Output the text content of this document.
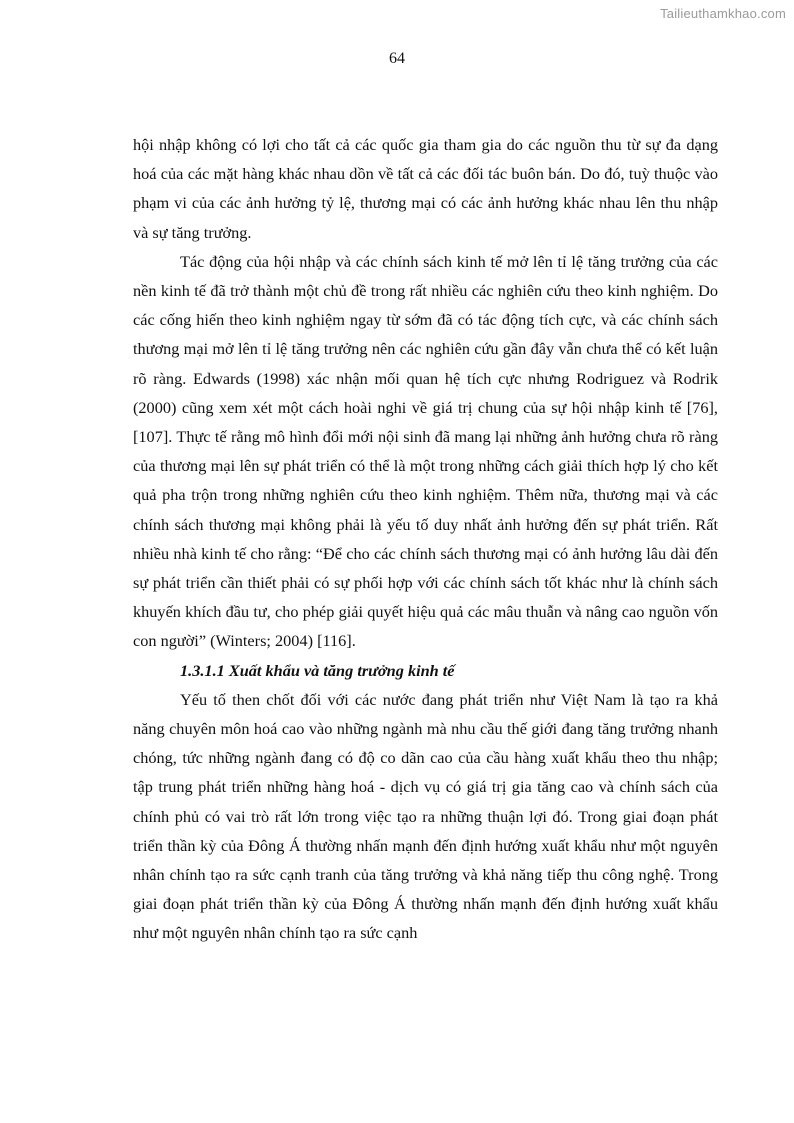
Tailieuthamkhao.com
64

hội nhập không có lợi cho tất cả các quốc gia tham gia do các nguồn thu từ sự đa dạng hoá của các mặt hàng khác nhau dồn về tất cả các đối tác buôn bán. Do đó, tuỳ thuộc vào phạm vi của các ảnh hưởng tỷ lệ, thương mại có các ảnh hưởng khác nhau lên thu nhập và sự tăng trưởng.

Tác động của hội nhập và các chính sách kinh tế mở lên tỉ lệ tăng trưởng của các nền kinh tế đã trở thành một chủ đề trong rất nhiều các nghiên cứu theo kinh nghiệm. Do các cống hiến theo kinh nghiệm ngay từ sớm đã có tác động tích cực, và các chính sách thương mại mở lên tỉ lệ tăng trưởng nên các nghiên cứu gần đây vẫn chưa thể có kết luận rõ ràng. Edwards (1998) xác nhận mối quan hệ tích cực nhưng Rodriguez và Rodrik (2000) cũng xem xét một cách hoài nghi về giá trị chung của sự hội nhập kinh tế [76], [107]. Thực tế rằng mô hình đổi mới nội sinh đã mang lại những ảnh hưởng chưa rõ ràng của thương mại lên sự phát triển có thể là một trong những cách giải thích hợp lý cho kết quả pha trộn trong những nghiên cứu theo kinh nghiệm. Thêm nữa, thương mại và các chính sách thương mại không phải là yếu tố duy nhất ảnh hưởng đến sự phát triển. Rất nhiều nhà kinh tế cho rằng: “Để cho các chính sách thương mại có ảnh hưởng lâu dài đến sự phát triển cần thiết phải có sự phối hợp với các chính sách tốt khác như là chính sách khuyến khích đầu tư, cho phép giải quyết hiệu quả các mâu thuẫn và nâng cao nguồn vốn con người” (Winters; 2004) [116].

1.3.1.1 Xuất khẩu và tăng trưởng kinh tế

Yếu tố then chốt đối với các nước đang phát triển như Việt Nam là tạo ra khả năng chuyên môn hoá cao vào những ngành mà nhu cầu thế giới đang tăng trưởng nhanh chóng, tức những ngành đang có độ co dãn cao của cầu hàng xuất khẩu theo thu nhập; tập trung phát triển những hàng hoá - dịch vụ có giá trị gia tăng cao và chính sách của chính phủ có vai trò rất lớn trong việc tạo ra những thuận lợi đó. Trong giai đoạn phát triển thần kỳ của Đông Á thường nhấn mạnh đến định hướng xuất khẩu như một nguyên nhân chính tạo ra sức cạnh tranh của tăng trưởng và khả năng tiếp thu công nghệ. Trong giai đoạn phát triển thần kỳ của Đông Á thường nhấn mạnh đến định hướng xuất khẩu như một nguyên nhân chính tạo ra sức cạnh
